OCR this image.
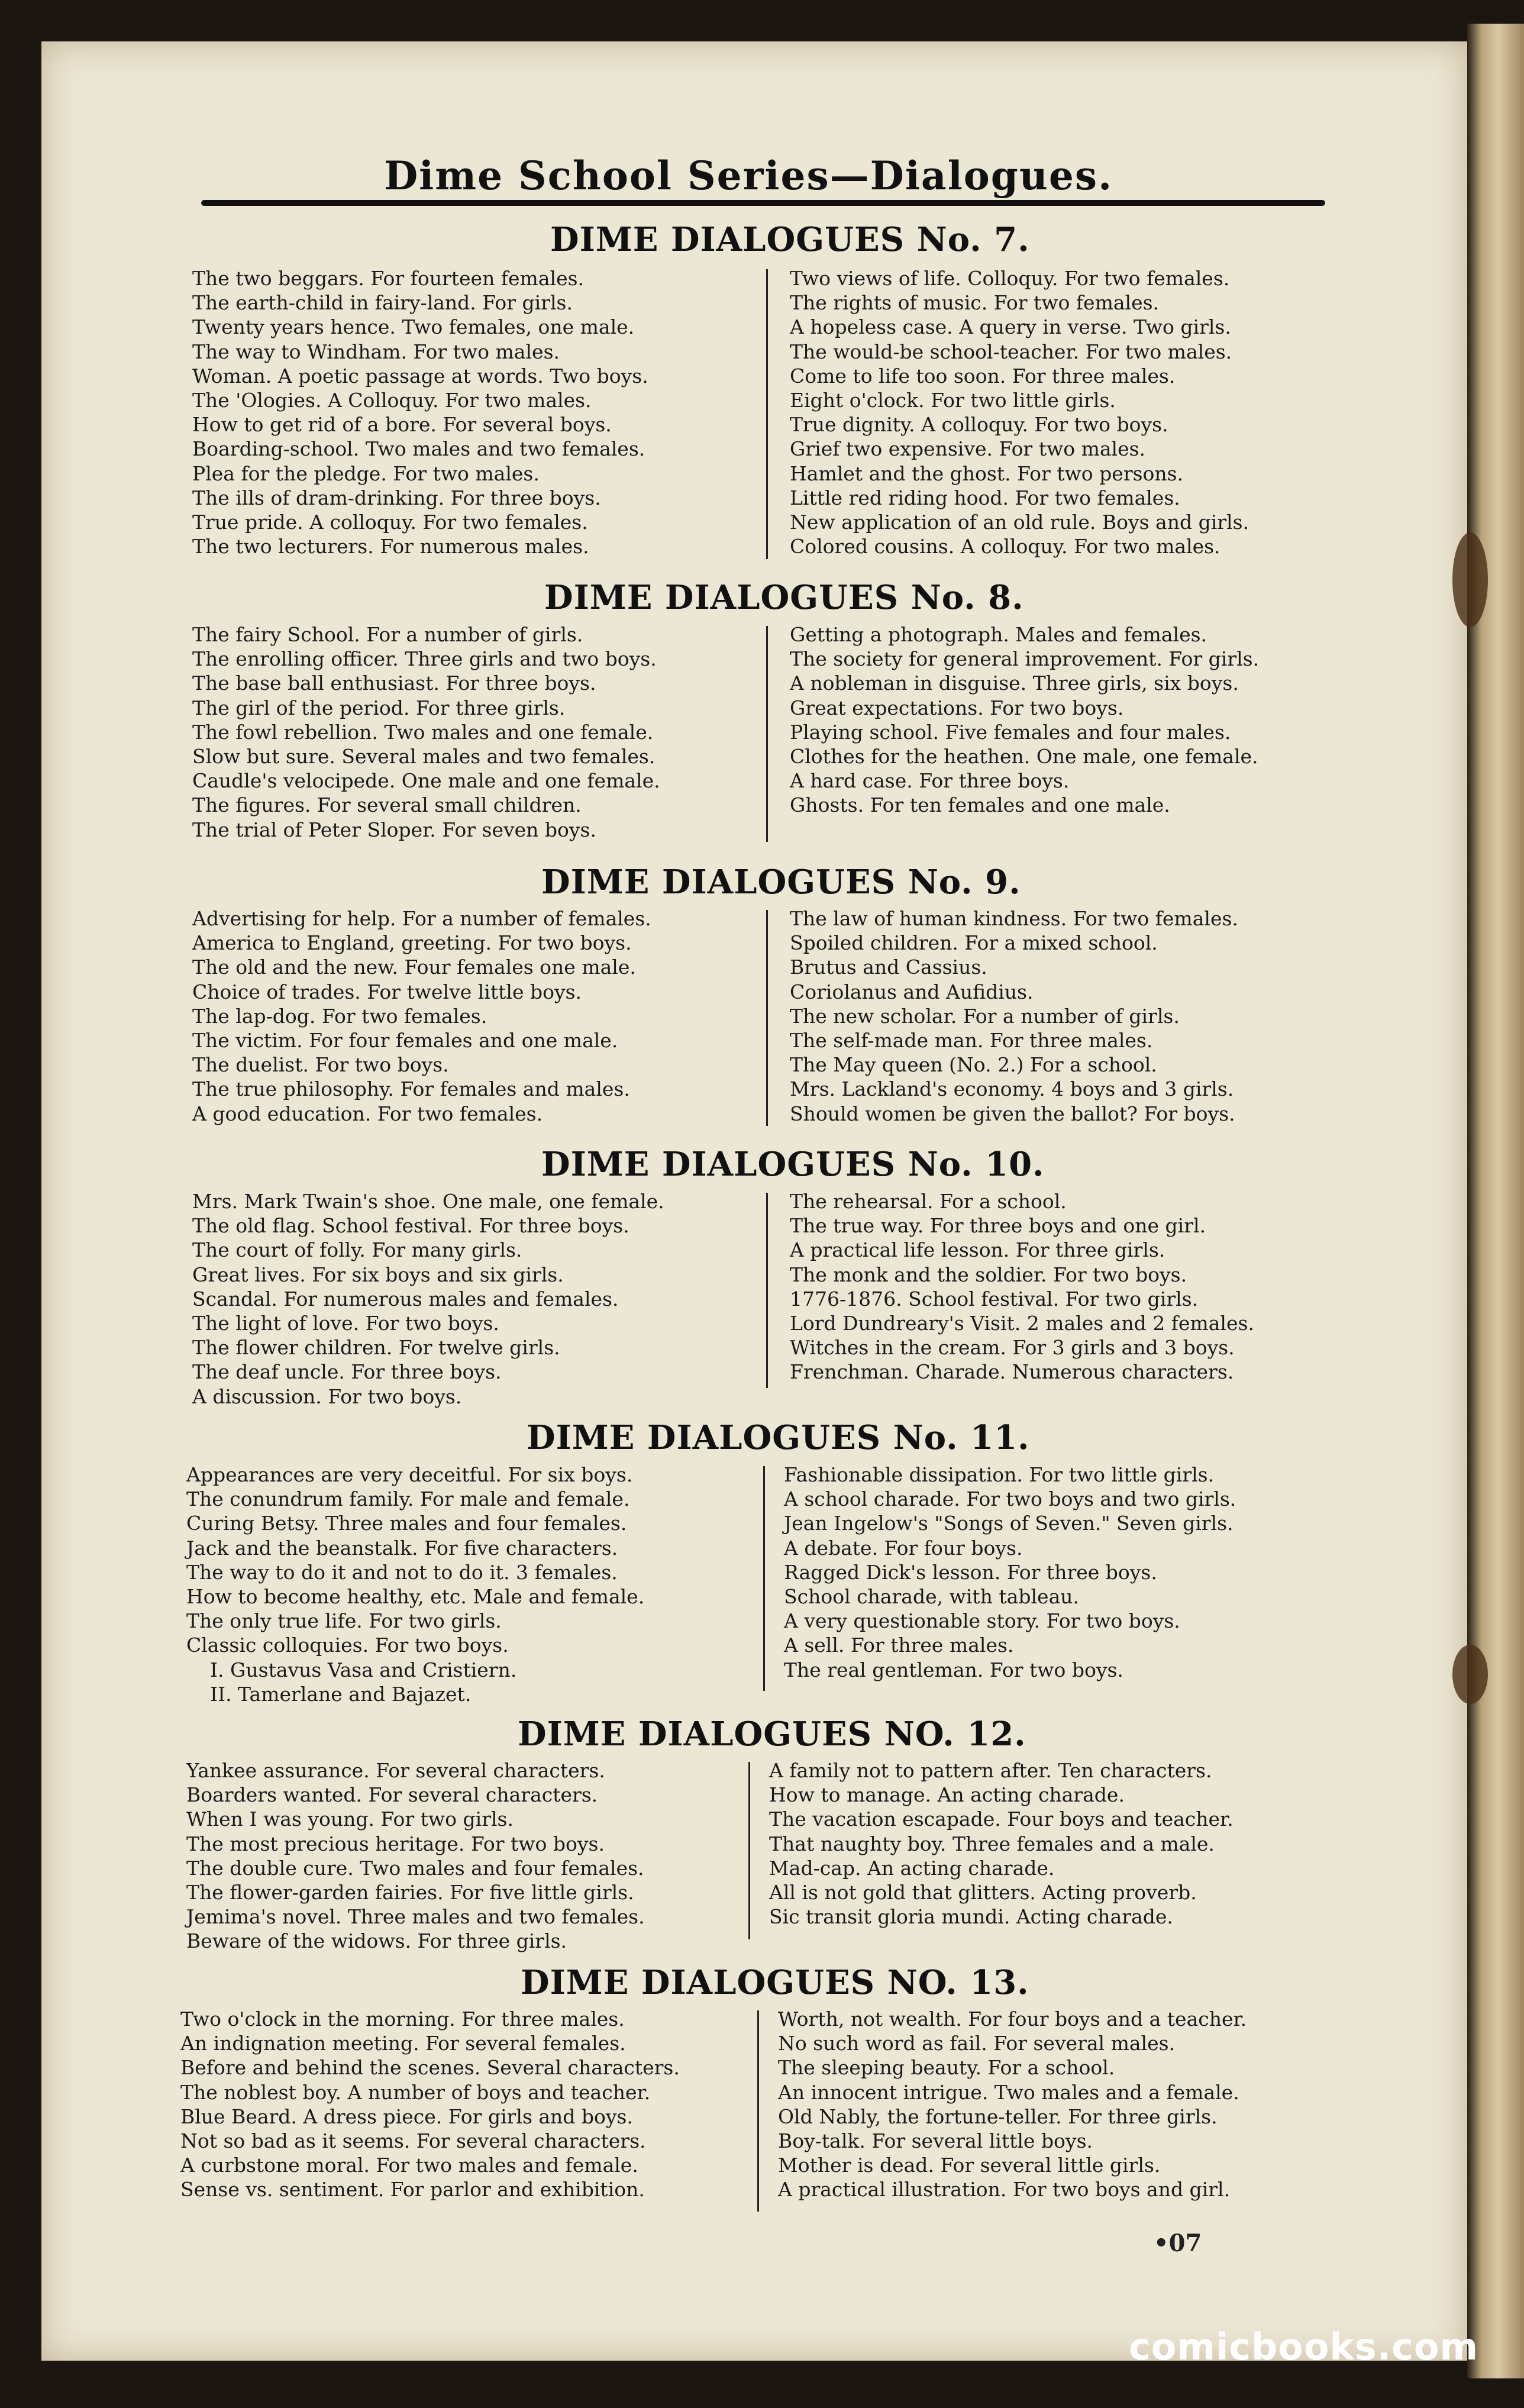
Dime School Series—Dialogues.
DIME DIALOGUES No. 7.
The two beggars. For fourteen females.
The earth-child in fairy-land. For girls.
Twenty years hence. Two females, one male.
The way to Windham. For two males.
Woman. A poetic passage at words. Two boys.
The 'Ologies. A Colloquy. For two males.
How to get rid of a bore. For several boys.
Boarding-school. Two males and two females.
Plea for the pledge. For two males.
The ills of dram-drinking. For three boys.
True pride. A colloquy. For two females.
The two lecturers. For numerous males.
Two views of life. Colloquy. For two females.
The rights of music. For two females.
A hopeless case. A query in verse. Two girls.
The would-be school-teacher. For two males.
Come to life too soon. For three males.
Eight o'clock. For two little girls.
True dignity. A colloquy. For two boys.
Grief two expensive. For two males.
Hamlet and the ghost. For two persons.
Little red riding hood. For two females.
New application of an old rule. Boys and girls.
Colored cousins. A colloquy. For two males.
DIME DIALOGUES No. 8.
The fairy School. For a number of girls.
The enrolling officer. Three girls and two boys.
The base ball enthusiast. For three boys.
The girl of the period. For three girls.
The fowl rebellion. Two males and one female.
Slow but sure. Several males and two females.
Caudle's velocipede. One male and one female.
The figures. For several small children.
The trial of Peter Sloper. For seven boys.
Getting a photograph. Males and females.
The society for general improvement. For girls.
A nobleman in disguise. Three girls, six boys.
Great expectations. For two boys.
Playing school. Five females and four males.
Clothes for the heathen. One male, one female.
A hard case. For three boys.
Ghosts. For ten females and one male.
DIME DIALOGUES No. 9.
Advertising for help. For a number of females.
America to England, greeting. For two boys.
The old and the new. Four females one male.
Choice of trades. For twelve little boys.
The lap-dog. For two females.
The victim. For four females and one male.
The duelist. For two boys.
The true philosophy. For females and males.
A good education. For two females.
The law of human kindness. For two females.
Spoiled children. For a mixed school.
Brutus and Cassius.
Coriolanus and Aufidius.
The new scholar. For a number of girls.
The self-made man. For three males.
The May queen (No. 2.) For a school.
Mrs. Lackland's economy. 4 boys and 3 girls.
Should women be given the ballot? For boys.
DIME DIALOGUES No. 10.
Mrs. Mark Twain's shoe. One male, one female.
The old flag. School festival. For three boys.
The court of folly. For many girls.
Great lives. For six boys and six girls.
Scandal. For numerous males and females.
The light of love. For two boys.
The flower children. For twelve girls.
The deaf uncle. For three boys.
A discussion. For two boys.
The rehearsal. For a school.
The true way. For three boys and one girl.
A practical life lesson. For three girls.
The monk and the soldier. For two boys.
1776-1876. School festival. For two girls.
Lord Dundreary's Visit. 2 males and 2 females.
Witches in the cream. For 3 girls and 3 boys.
Frenchman. Charade. Numerous characters.
DIME DIALOGUES No. 11.
Appearances are very deceitful. For six boys.
The conundrum family. For male and female.
Curing Betsy. Three males and four females.
Jack and the beanstalk. For five characters.
The way to do it and not to do it. 3 females.
How to become healthy, etc. Male and female.
The only true life. For two girls.
Classic colloquies. For two boys.
I. Gustavus Vasa and Cristiern.
II. Tamerlane and Bajazet.
Fashionable dissipation. For two little girls.
A school charade. For two boys and two girls.
Jean Ingelow's "Songs of Seven." Seven girls.
A debate. For four boys.
Ragged Dick's lesson. For three boys.
School charade, with tableau.
A very questionable story. For two boys.
A sell. For three males.
The real gentleman. For two boys.
DIME DIALOGUES NO. 12.
Yankee assurance. For several characters.
Boarders wanted. For several characters.
When I was young. For two girls.
The most precious heritage. For two boys.
The double cure. Two males and four females.
The flower-garden fairies. For five little girls.
Jemima's novel. Three males and two females.
Beware of the widows. For three girls.
A family not to pattern after. Ten characters.
How to manage. An acting charade.
The vacation escapade. Four boys and teacher.
That naughty boy. Three females and a male.
Mad-cap. An acting charade.
All is not gold that glitters. Acting proverb.
Sic transit gloria mundi. Acting charade.
DIME DIALOGUES NO. 13.
Two o'clock in the morning. For three males.
An indignation meeting. For several females.
Before and behind the scenes. Several characters.
The noblest boy. A number of boys and teacher.
Blue Beard. A dress piece. For girls and boys.
Not so bad as it seems. For several characters.
A curbstone moral. For two males and female.
Sense vs. sentiment. For parlor and exhibition.
Worth, not wealth. For four boys and a teacher.
No such word as fail. For several males.
The sleeping beauty. For a school.
An innocent intrigue. Two males and a female.
Old Nably, the fortune-teller. For three girls.
Boy-talk. For several little boys.
Mother is dead. For several little girls.
A practical illustration. For two boys and girl.
•07
comicbooks.com
